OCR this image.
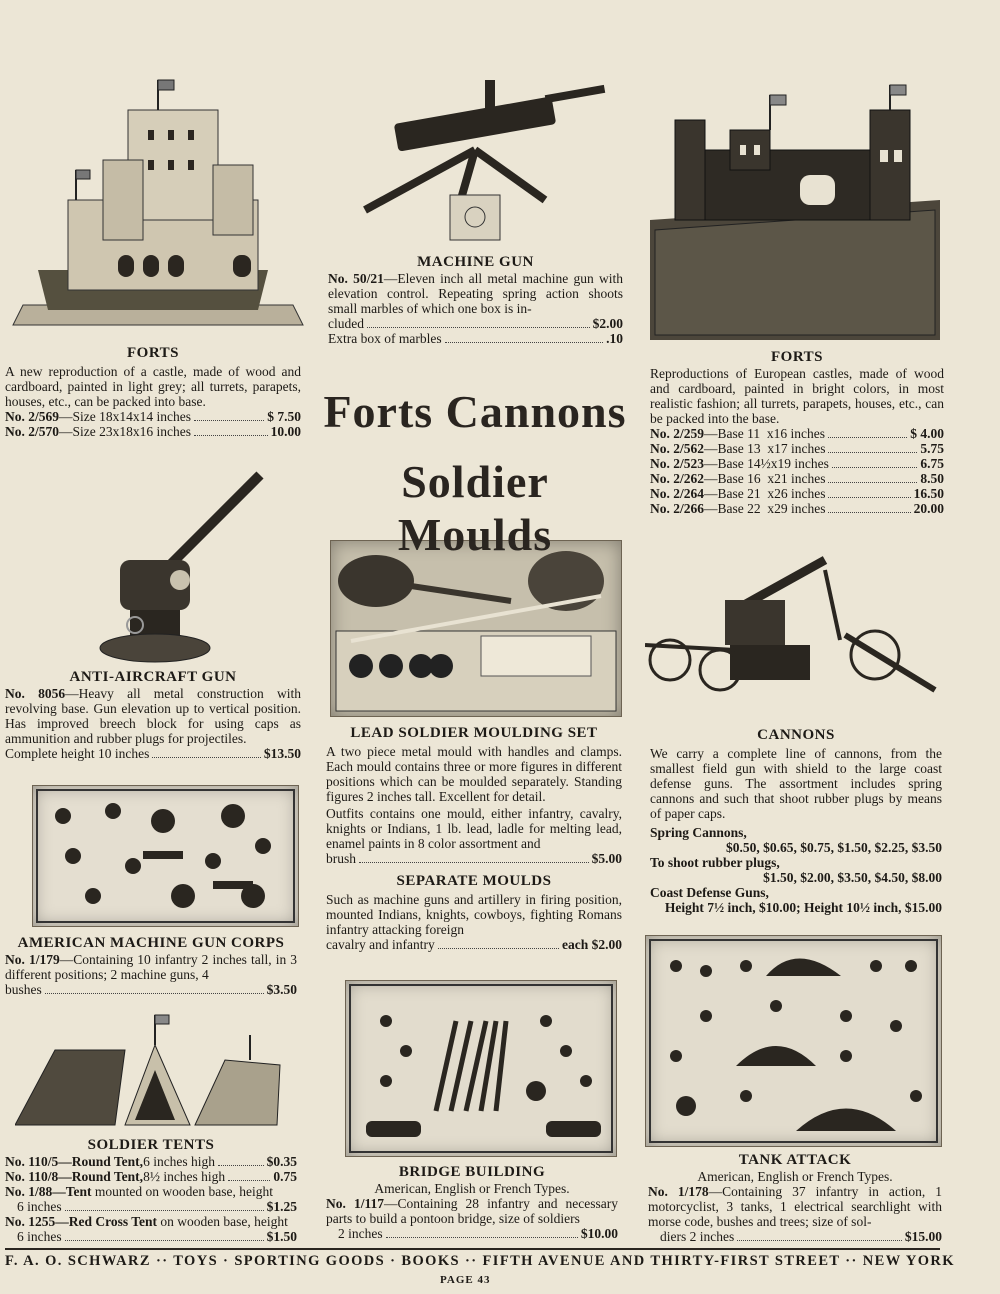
Forts Cannons
Soldier Moulds
FORTS
A new reproduction of a castle, made of wood and cardboard, painted in light grey; all turrets, parapets, houses, etc., can be packed into base.
No. 2/569 —Size 18x14x14 inches	$ 7.50
No. 2/570 —Size 23x18x16 inches	10.00
MACHINE GUN
No. 50/21—Eleven inch all metal machine gun with elevation control. Repeating spring action shoots small marbles of which one box is in-
cluded	$2.00
Extra box of marbles	.10
FORTS
Reproductions of European castles, made of wood and cardboard, painted in bright colors, in most realistic fashion; all turrets, parapets, houses, etc., can be packed into the base.
No. 2/259 —Base 11  x16 inches	$ 4.00
No. 2/562 —Base 13  x17 inches	5.75
No. 2/523 —Base 14½x19 inches	6.75
No. 2/262 —Base 16  x21 inches	8.50
No. 2/264 —Base 21  x26 inches	16.50
No. 2/266 —Base 22  x29 inches	20.00
ANTI-AIRCRAFT GUN
No. 8056—Heavy all metal construction with revolving base. Gun elevation up to vertical position. Has improved breech block for using caps as ammunition and rubber plugs for projectiles.
Complete height 10 inches	$13.50
LEAD SOLDIER MOULDING SET
A two piece metal mould with handles and clamps. Each mould contains three or more figures in different positions which can be moulded separately. Standing figures 2 inches tall. Excellent for detail.
Outfits contains one mould, either infantry, cavalry, knights or Indians, 1 lb. lead, ladle for melting lead, enamel paints in 8 color assortment and
brush	$5.00
SEPARATE MOULDS
Such as machine guns and artillery in firing position, mounted Indians, knights, cowboys, fighting Romans infantry attacking foreign
cavalry and infantry	each $2.00
CANNONS
We carry a complete line of cannons, from the smallest field gun with shield to the large coast defense guns. The assortment includes spring cannons and such that shoot rubber plugs by means of paper caps.
Spring Cannons,
$0.50, $0.65, $0.75, $1.50, $2.25, $3.50
To shoot rubber plugs,
$1.50, $2.00, $3.50, $4.50, $8.00
Coast Defense Guns,
Height 7½ inch, $10.00; Height 10½ inch, $15.00
AMERICAN MACHINE GUN CORPS
No. 1/179—Containing 10 infantry 2 inches tall, in 3 different positions; 2 machine guns, 4
bushes	$3.50
SOLDIER TENTS
No. 110/5 —Round Tent, 6 inches high	$0.35
No. 110/8 —Round Tent, 8½ inches high	0.75
No. 1/88—Tent mounted on wooden base, height
6 inches	$1.25
No. 1255—Red Cross Tent on wooden base, height
6 inches	$1.50
BRIDGE BUILDING
American, English or French Types.
No. 1/117—Containing 28 infantry and necessary parts to build a pontoon bridge, size of soldiers
2 inches	$10.00
TANK ATTACK
American, English or French Types.
No. 1/178—Containing 37 infantry in action, 1 motorcyclist, 3 tanks, 1 electrical searchlight with morse code, bushes and trees; size of sol-
diers 2 inches	$15.00
F. A. O. SCHWARZ ·· TOYS · SPORTING GOODS · BOOKS ·· FIFTH AVENUE AND THIRTY-FIRST STREET ·· NEW YORK
PAGE 43
